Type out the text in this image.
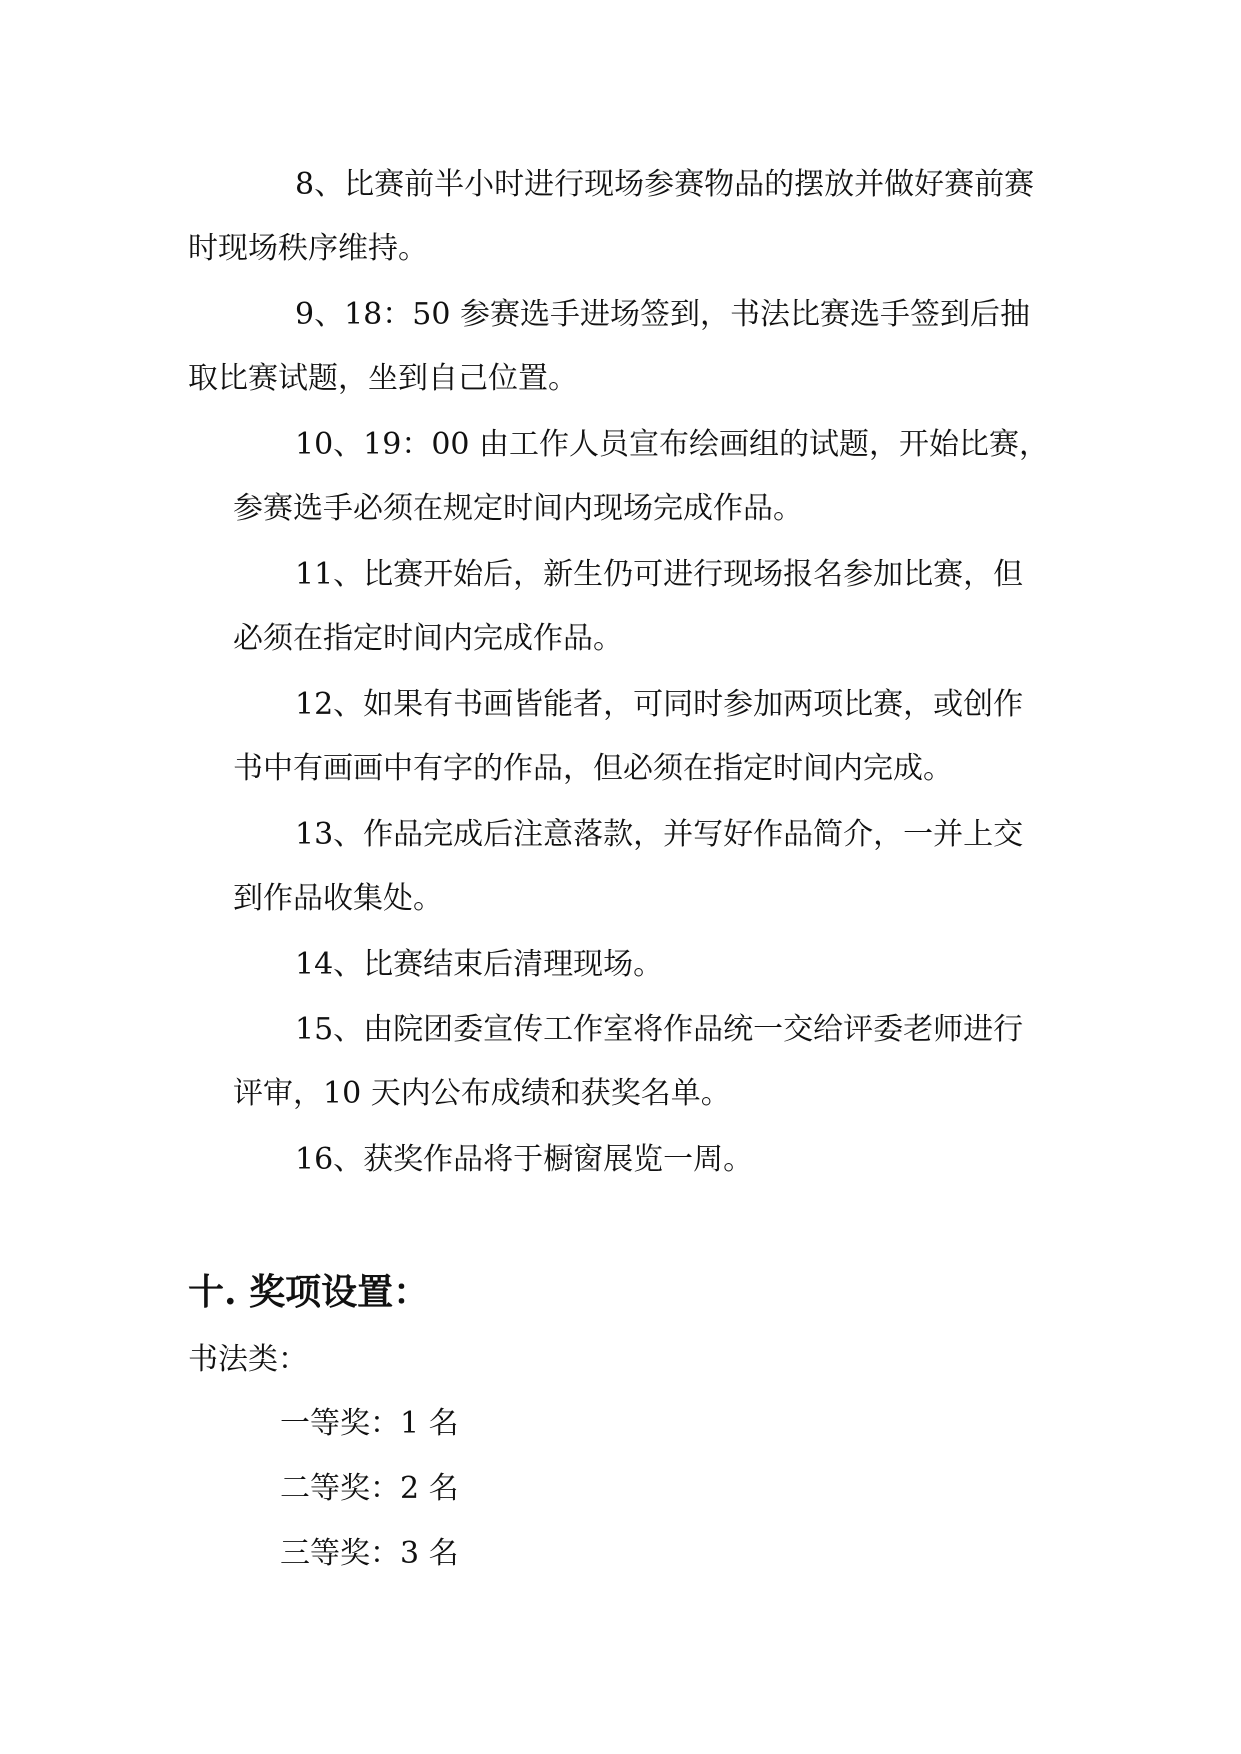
8、比赛前半小时进行现场参赛物品的摆放并做好赛前赛

时现场秩序维持。

9、18：50 参赛选手进场签到，书法比赛选手签到后抽

取比赛试题，坐到自己位置。

10、19：00 由工作人员宣布绘画组的试题，开始比赛，

参赛选手必须在规定时间内现场完成作品。

11、比赛开始后，新生仍可进行现场报名参加比赛，但

必须在指定时间内完成作品。

12、如果有书画皆能者，可同时参加两项比赛，或创作

书中有画画中有字的作品，但必须在指定时间内完成。

13、作品完成后注意落款，并写好作品简介，一并上交

到作品收集处。

14、比赛结束后清理现场。

15、由院团委宣传工作室将作品统一交给评委老师进行

评审，10 天内公布成绩和获奖名单。

16、获奖作品将于橱窗展览一周。

十. 奖项设置：

书法类：

一等奖：1 名

二等奖：2 名

三等奖：3 名
